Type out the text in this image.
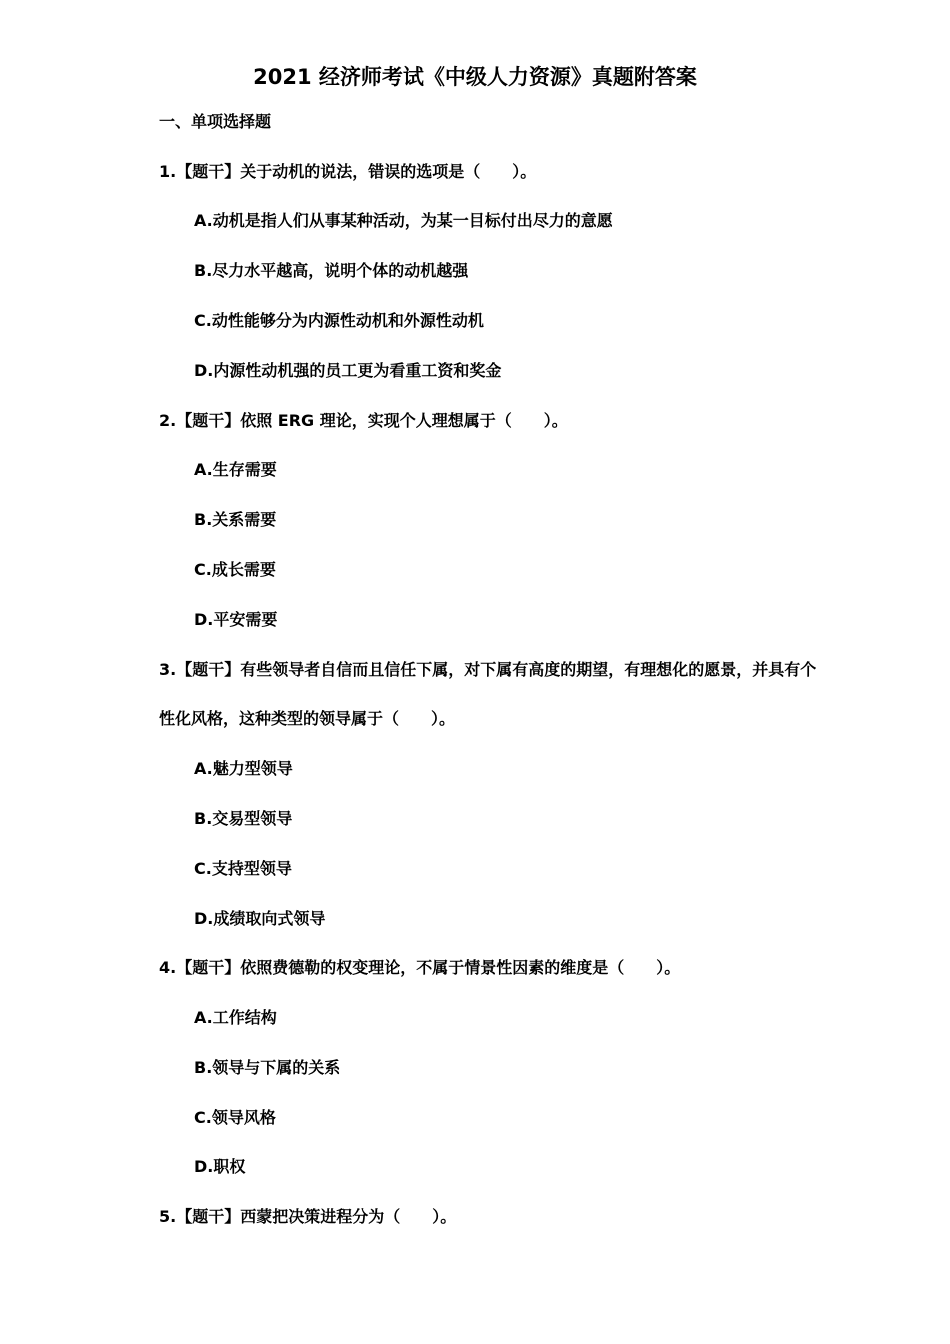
2021 经济师考试《中级人力资源》真题附答案
一、单项选择题
1.【题干】关于动机的说法，错误的选项是（　　）。
A.动机是指人们从事某种活动，为某一目标付出尽力的意愿
B.尽力水平越高，说明个体的动机越强
C.动性能够分为内源性动机和外源性动机
D.内源性动机强的员工更为看重工资和奖金
2.【题干】依照 ERG 理论，实现个人理想属于（　　）。
A.生存需要
B.关系需要
C.成长需要
D.平安需要
3.【题干】有些领导者自信而且信任下属，对下属有高度的期望，有理想化的愿景，并具有个
性化风格，这种类型的领导属于（　　）。
A.魅力型领导
B.交易型领导
C.支持型领导
D.成绩取向式领导
4.【题干】依照费德勒的权变理论，不属于情景性因素的维度是（　　）。
A.工作结构
B.领导与下属的关系
C.领导风格
D.职权
5.【题干】西蒙把决策进程分为（　　）。
